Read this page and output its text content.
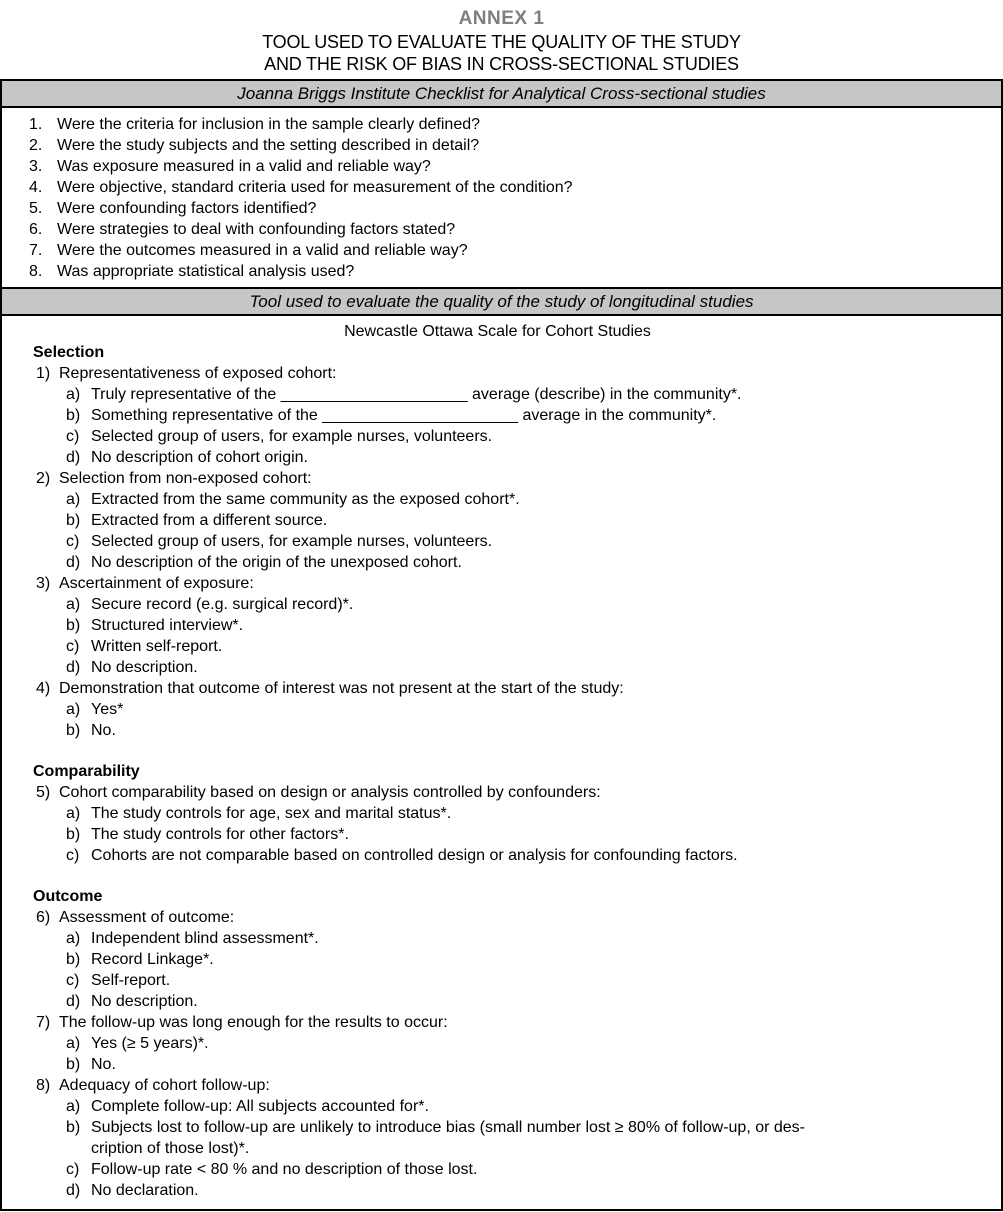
ANNEX 1
TOOL USED TO EVALUATE THE QUALITY OF THE STUDY
AND THE RISK OF BIAS IN CROSS-SECTIONAL STUDIES
Joanna Briggs Institute Checklist for Analytical Cross-sectional studies
1. Were the criteria for inclusion in the sample clearly defined?
2. Were the study subjects and the setting described in detail?
3. Was exposure measured in a valid and reliable way?
4. Were objective, standard criteria used for measurement of the condition?
5. Were confounding factors identified?
6. Were strategies to deal with confounding factors stated?
7. Were the outcomes measured in a valid and reliable way?
8. Was appropriate statistical analysis used?
Tool used to evaluate the quality of the study of longitudinal studies
Newcastle Ottawa Scale for Cohort Studies
Selection
1) Representativeness of exposed cohort:
a) Truly representative of the _____________________ average (describe) in the community*.
b) Something representative of the ______________________ average in the community*.
c) Selected group of users, for example nurses, volunteers.
d) No description of cohort origin.
2) Selection from non-exposed cohort:
a) Extracted from the same community as the exposed cohort*.
b) Extracted from a different source.
c) Selected group of users, for example nurses, volunteers.
d) No description of the origin of the unexposed cohort.
3) Ascertainment of exposure:
a) Secure record (e.g. surgical record)*.
b) Structured interview*.
c) Written self-report.
d) No description.
4) Demonstration that outcome of interest was not present at the start of the study:
a) Yes*
b) No.
Comparability
5) Cohort comparability based on design or analysis controlled by confounders:
a) The study controls for age, sex and marital status*.
b) The study controls for other factors*.
c) Cohorts are not comparable based on controlled design or analysis for confounding factors.
Outcome
6) Assessment of outcome:
a) Independent blind assessment*.
b) Record Linkage*.
c) Self-report.
d) No description.
7) The follow-up was long enough for the results to occur:
a) Yes (≥ 5 years)*.
b) No.
8) Adequacy of cohort follow-up:
a) Complete follow-up: All subjects accounted for*.
b) Subjects lost to follow-up are unlikely to introduce bias (small number lost ≥ 80% of follow-up, or des-
cription of those lost)*.
c) Follow-up rate < 80 % and no description of those lost.
d) No declaration.
